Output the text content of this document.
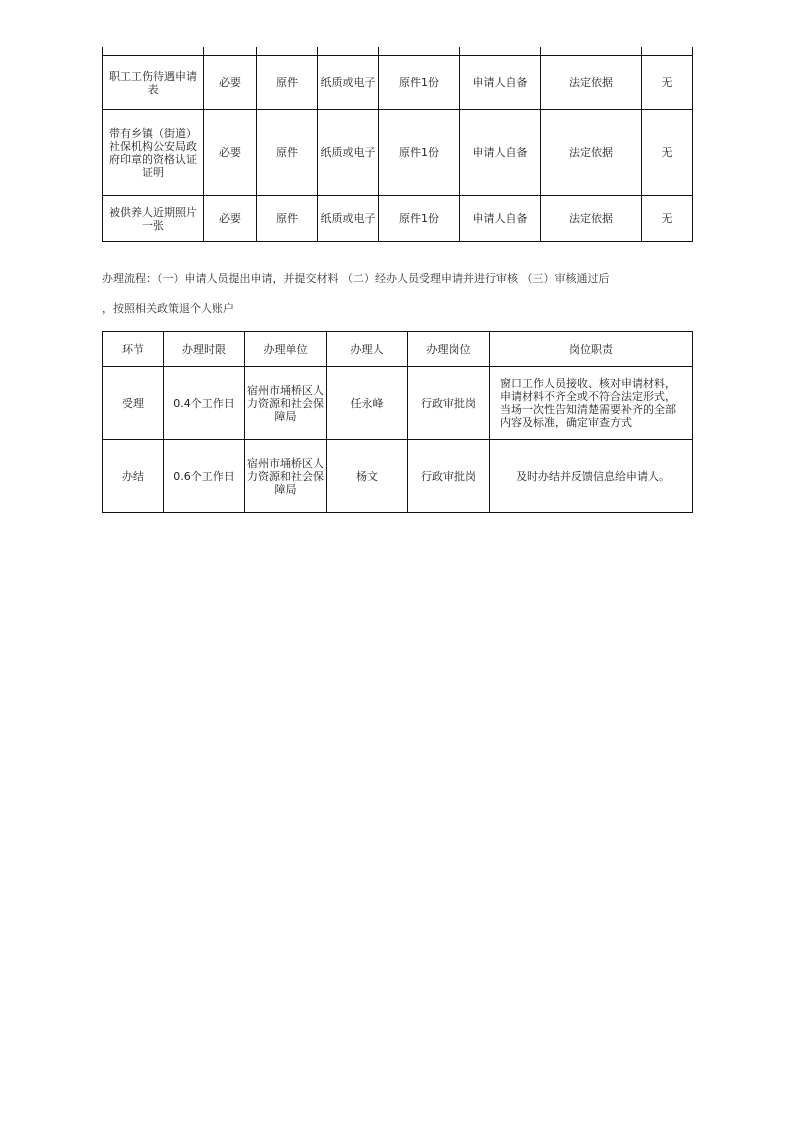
职工工伤待遇申请表	必要	原件	纸质或电子	原件1份	申请人自备	法定依据	无
带有乡镇（街道）社保机构公安局政府印章的资格认证证明	必要	原件	纸质或电子	原件1份	申请人自备	法定依据	无
被供养人近期照片一张	必要	原件	纸质或电子	原件1份	申请人自备	法定依据	无
办理流程：（一）申请人员提出申请，并提交材料 （二）经办人员受理申请并进行审核 （三）审核通过后
，按照相关政策退个人账户
环节	办理时限	办理单位	办理人	办理岗位	岗位职责
受理	0.4个工作日	宿州市埇桥区人力资源和社会保障局	任永峰	行政审批岗	窗口工作人员接收、核对申请材料，申请材料不齐全或不符合法定形式，当场一次性告知清楚需要补齐的全部内容及标准，确定审查方式
办结	0.6个工作日	宿州市埇桥区人力资源和社会保障局	杨文	行政审批岗	及时办结并反馈信息给申请人。
